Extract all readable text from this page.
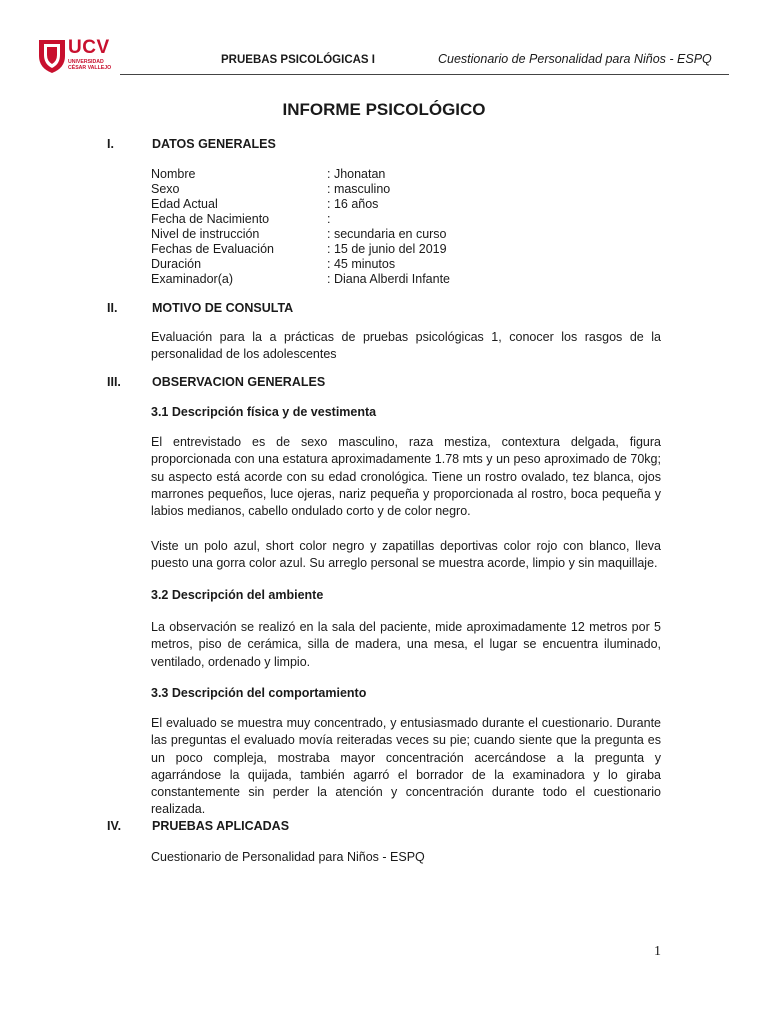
UCV
UNIVERSIDAD
CÉSAR VALLEJO
PRUEBAS PSICOLÓGICAS I	Cuestionario de Personalidad para Niños - ESPQ
INFORME PSICOLÓGICO
I.	DATOS GENERALES
Nombre	: Jhonatan
Sexo	: masculino
Edad Actual	: 16 años
Fecha de Nacimiento	:
Nivel de instrucción	: secundaria en curso
Fechas de Evaluación	: 15 de junio del 2019
Duración	: 45 minutos
Examinador(a)	: Diana Alberdi Infante
II.	MOTIVO DE CONSULTA
Evaluación para la a prácticas de pruebas psicológicas 1, conocer los rasgos de la personalidad de los adolescentes
III. OBSERVACION GENERALES
3.1 Descripción física y de vestimenta
El entrevistado es de sexo masculino, raza mestiza, contextura delgada, figura proporcionada con una estatura aproximadamente 1.78 mts y un peso aproximado de 70kg; su aspecto está acorde con su edad cronológica. Tiene un rostro ovalado, tez blanca, ojos marrones pequeños, luce ojeras, nariz pequeña y proporcionada al rostro, boca pequeña y labios medianos, cabello ondulado corto y de color negro.
Viste un polo azul, short color negro y zapatillas deportivas color rojo con blanco, lleva puesto una gorra color azul. Su arreglo personal se muestra acorde, limpio y sin maquillaje.
3.2 Descripción del ambiente
La observación se realizó en la sala del paciente, mide aproximadamente 12 metros por 5 metros, piso de cerámica, silla de madera, una mesa, el lugar se encuentra iluminado, ventilado, ordenado y limpio.
3.3 Descripción del comportamiento
El evaluado se muestra muy concentrado, y entusiasmado durante el cuestionario. Durante las preguntas el evaluado movía reiteradas veces su pie; cuando siente que la pregunta es un poco compleja, mostraba mayor concentración acercándose a la pregunta y agarrándose la quijada, también agarró el borrador de la examinadora y lo giraba constantemente sin perder la atención y concentración durante todo el cuestionario realizada.
IV. PRUEBAS APLICADAS
Cuestionario de Personalidad para Niños - ESPQ
1
